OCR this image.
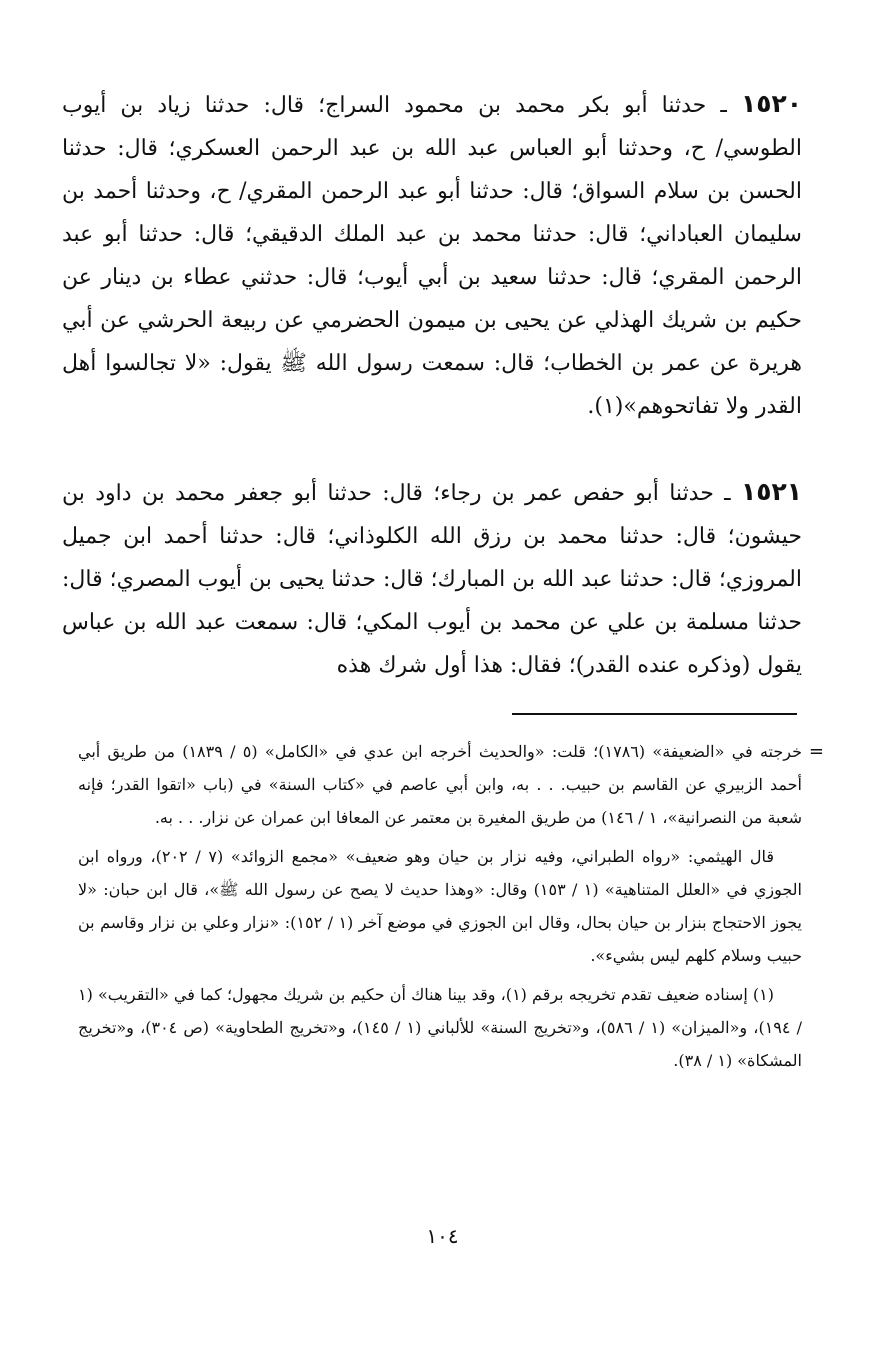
١٥٢٠ ـ حدثنا أبو بكر محمد بن محمود السراج؛ قال: حدثنا زياد بن أيوب الطوسي/ ح، وحدثنا أبو العباس عبد الله بن عبد الرحمن العسكري؛ قال: حدثنا الحسن بن سلام السواق؛ قال: حدثنا أبو عبد الرحمن المقري/ ح، وحدثنا أحمد بن سليمان العباداني؛ قال: حدثنا محمد بن عبد الملك الدقيقي؛ قال: حدثنا أبو عبد الرحمن المقري؛ قال: حدثنا سعيد بن أبي أيوب؛ قال: حدثني عطاء بن دينار عن حكيم بن شريك الهذلي عن يحيى بن ميمون الحضرمي عن ربيعة الحرشي عن أبي هريرة عن عمر بن الخطاب؛ قال: سمعت رسول الله ﷺ يقول: «لا تجالسوا أهل القدر ولا تفاتحوهم»(١).

١٥٢١ ـ حدثنا أبو حفص عمر بن رجاء؛ قال: حدثنا أبو جعفر محمد بن داود بن حيشون؛ قال: حدثنا محمد بن رزق الله الكلوذاني؛ قال: حدثنا أحمد ابن جميل المروزي؛ قال: حدثنا عبد الله بن المبارك؛ قال: حدثنا يحيى بن أيوب المصري؛ قال: حدثنا مسلمة بن علي عن محمد بن أيوب المكي؛ قال: سمعت عبد الله بن عباس يقول (وذكره عنده القدر)؛ فقال: هذا أول شرك هذه

=
خرجته في «الضعيفة» (١٧٨٦)؛ قلت: «والحديث أخرجه ابن عدي في «الكامل» (٥ / ١٨٣٩) من طريق أبي أحمد الزبيري عن القاسم بن حبيب. . . به، وابن أبي عاصم في «كتاب السنة» في (باب «اتقوا القدر؛ فإنه شعبة من النصرانية»، ١ / ١٤٦) من طريق المغيرة بن معتمر عن المعافا ابن عمران عن نزار. . . به.

قال الهيثمي: «رواه الطبراني، وفيه نزار بن حيان وهو ضعيف» «مجمع الزوائد» (٧ / ٢٠٢)، ورواه ابن الجوزي في «العلل المتناهية» (١ / ١٥٣) وقال: «وهذا حديث لا يصح عن رسول الله ﷺ»، قال ابن حبان: «لا يجوز الاحتجاج بنزار بن حيان بحال، وقال ابن الجوزي في موضع آخر (١ / ١٥٢): «نزار وعلي بن نزار وقاسم بن حبيب وسلام كلهم ليس بشيء».

(١) إسناده ضعيف تقدم تخريجه برقم (١)، وقد بينا هناك أن حكيم بن شريك مجهول؛ كما في «التقريب» (١ / ١٩٤)، و«الميزان» (١ / ٥٨٦)، و«تخريج السنة» للألباني (١ / ١٤٥)، و«تخريج الطحاوية» (ص ٣٠٤)، و«تخريج المشكاة» (١ / ٣٨).

١٠٤
